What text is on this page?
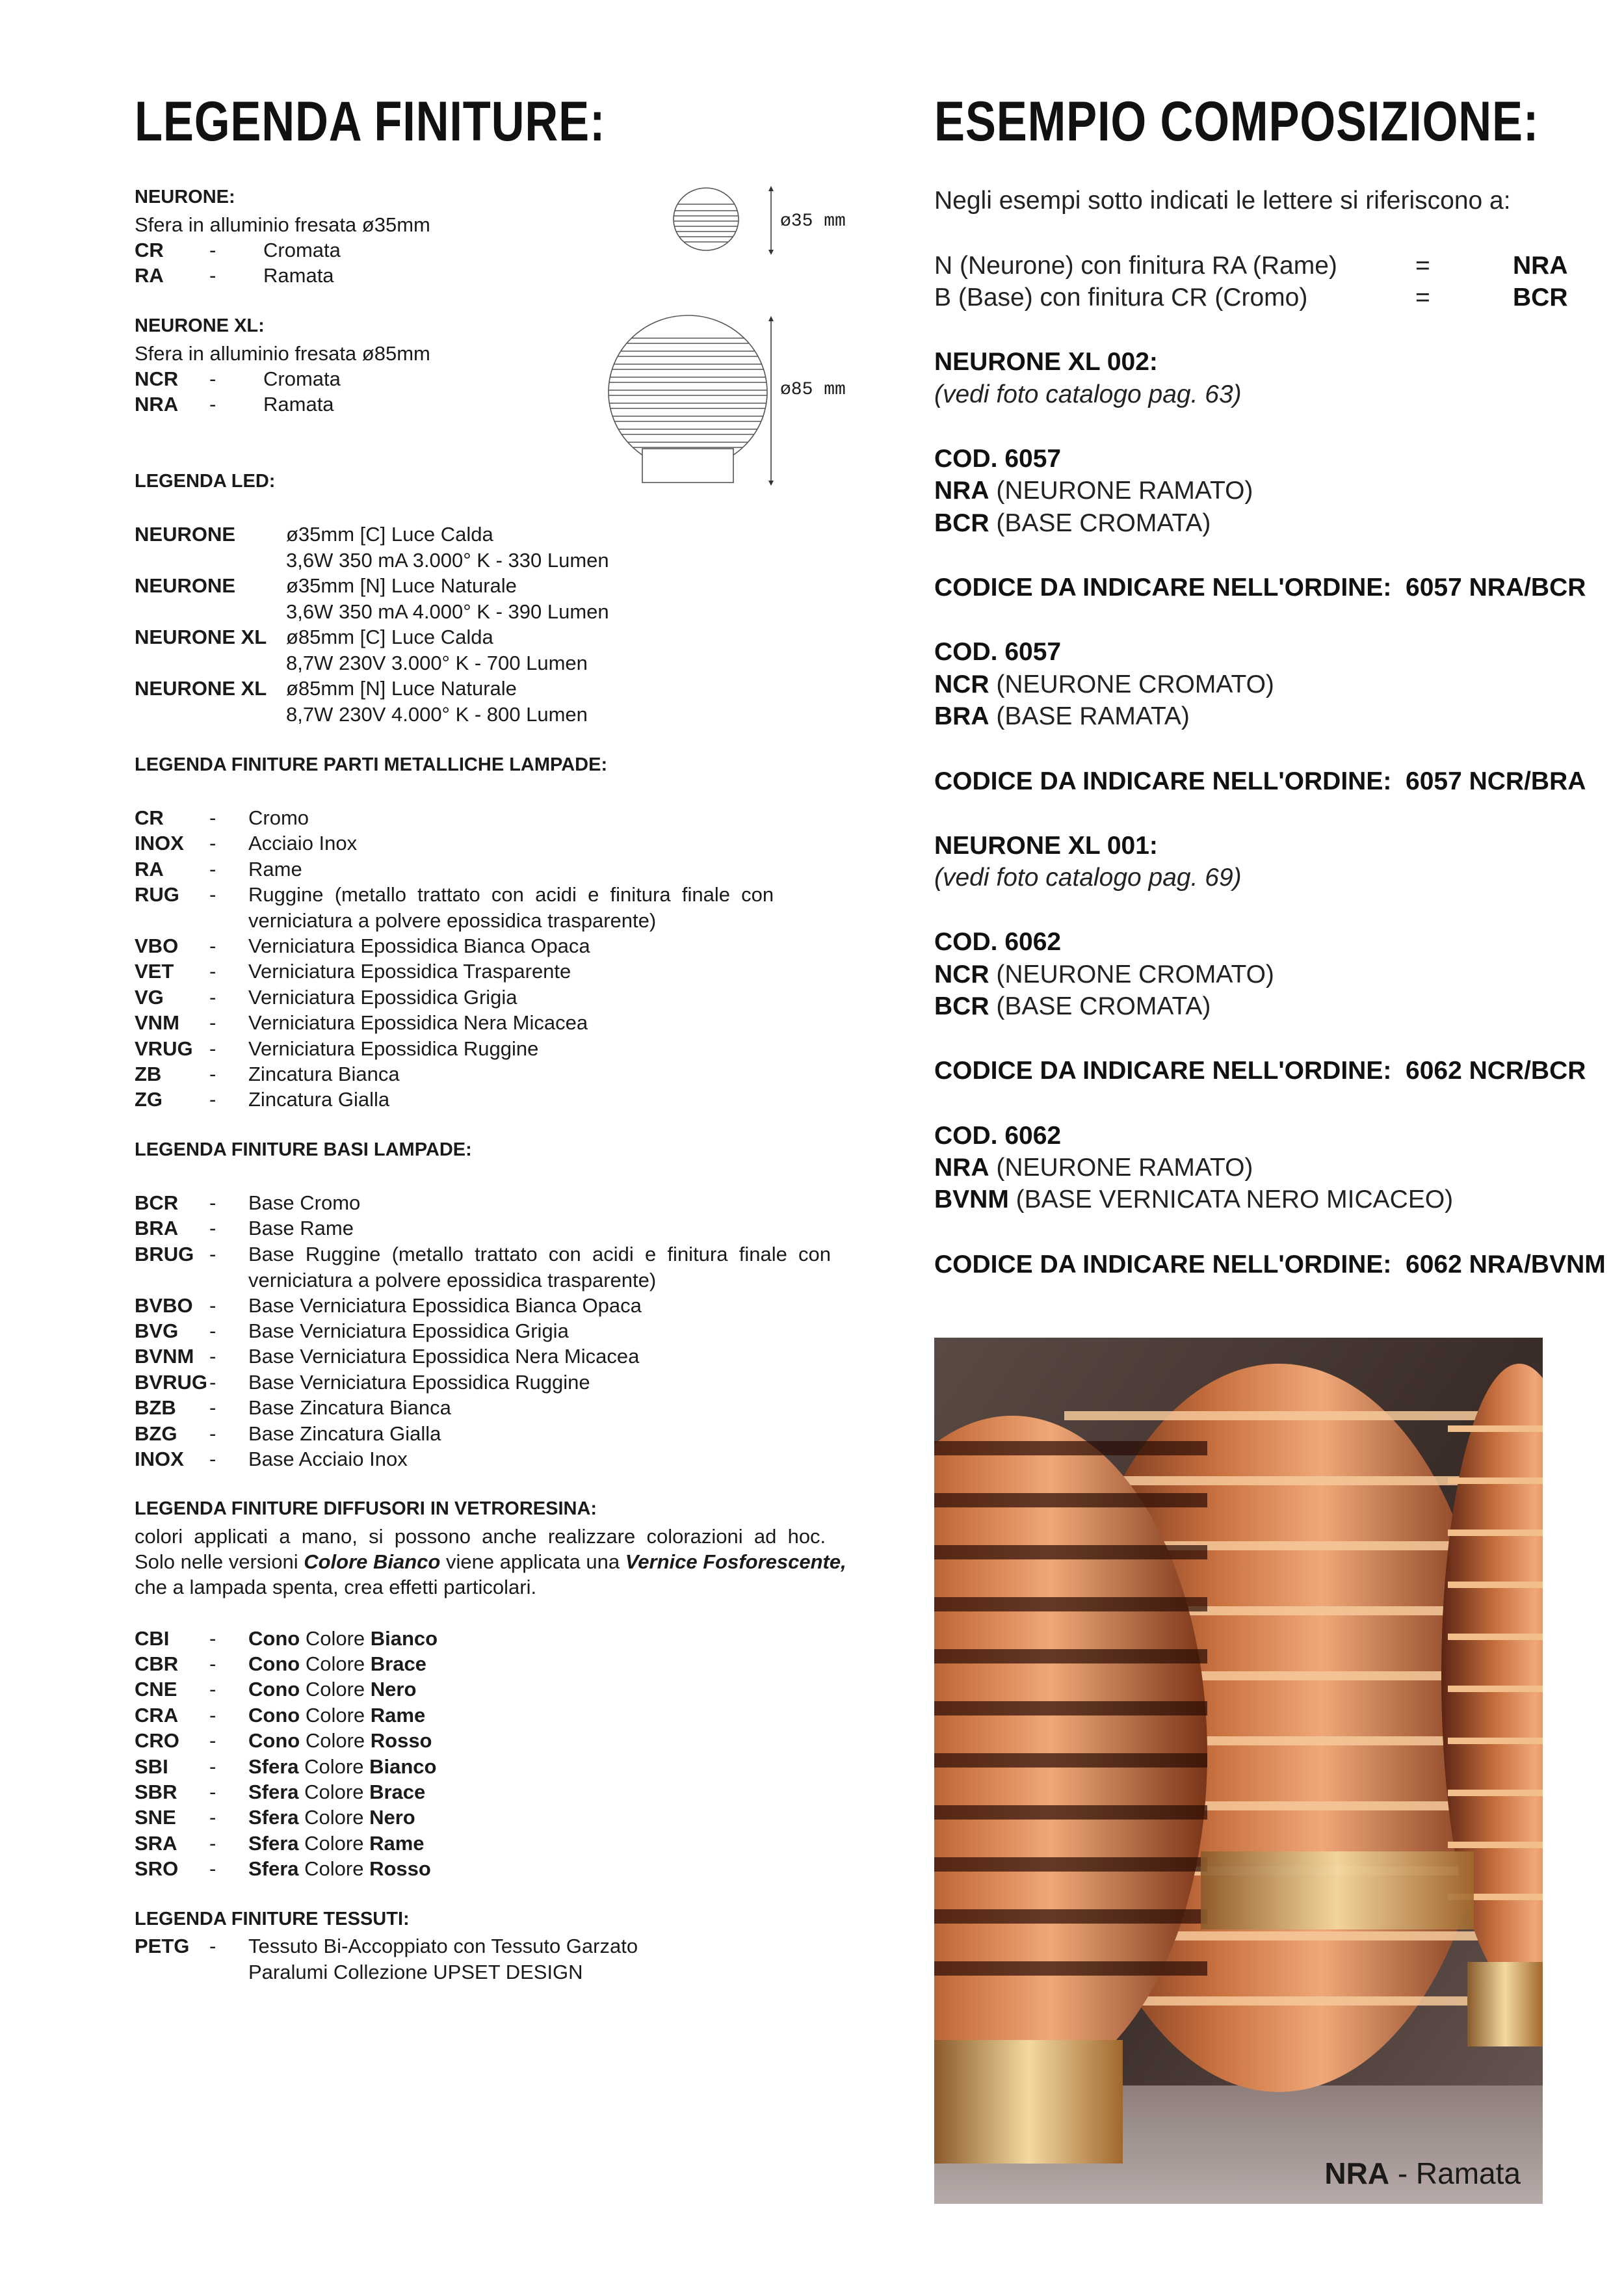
LEGENDA FINITURE:
NEURONE:
Sfera in alluminio fresata ø35mm
CR - Cromata
RA - Ramata
ø35 mm
NEURONE XL:
Sfera in alluminio fresata ø85mm
NCR - Cromata
NRA - Ramata
ø85 mm
LEGENDA LED:
NEURONE	ø35mm [C] Luce Calda
3,6W 350 mA 3.000° K - 330 Lumen
NEURONE	ø35mm [N] Luce Naturale
3,6W 350 mA 4.000° K - 390 Lumen
NEURONE XL ø85mm [C] Luce Calda
8,7W 230V 3.000° K - 700 Lumen
NEURONE XL ø85mm [N] Luce Naturale
8,7W 230V 4.000° K - 800 Lumen
LEGENDA FINITURE PARTI METALLICHE LAMPADE:
CR - Cromo
INOX - Acciaio Inox
RA - Rame
RUG - Ruggine  (metallo  trattato  con  acidi  e  finitura  finale  con
verniciatura a polvere epossidica trasparente)
VBO - Verniciatura Epossidica Bianca Opaca
VET - Verniciatura Epossidica Trasparente
VG - Verniciatura Epossidica Grigia
VNM - Verniciatura Epossidica Nera Micacea
VRUG - Verniciatura Epossidica Ruggine
ZB - Zincatura Bianca
ZG - Zincatura Gialla
LEGENDA FINITURE BASI LAMPADE:
BCR - Base Cromo
BRA - Base Rame
BRUG - Base  Ruggine  (metallo  trattato  con  acidi  e  finitura  finale  con
verniciatura a polvere epossidica trasparente)
BVBO - Base Verniciatura Epossidica Bianca Opaca
BVG - Base Verniciatura Epossidica Grigia
BVNM - Base Verniciatura Epossidica Nera Micacea
BVRUG - Base Verniciatura Epossidica Ruggine
BZB - Base Zincatura Bianca
BZG - Base Zincatura Gialla
INOX - Base Acciaio Inox
LEGENDA FINITURE DIFFUSORI IN VETRORESINA:
colori  applicati  a  mano,  si  possono  anche  realizzare  colorazioni  ad  hoc.
Solo nelle versioni Colore Bianco viene applicata una Vernice Fosforescente,
che a lampada spenta, crea effetti particolari.
CBI - Cono Colore Bianco
CBR - Cono Colore Brace
CNE - Cono Colore Nero
CRA - Cono Colore Rame
CRO - Cono Colore Rosso
SBI - Sfera Colore Bianco
SBR - Sfera Colore Brace
SNE - Sfera Colore Nero
SRA - Sfera Colore Rame
SRO - Sfera Colore Rosso
LEGENDA FINITURE TESSUTI:
PETG - Tessuto Bi-Accoppiato con Tessuto Garzato
Paralumi Collezione UPSET DESIGN
ESEMPIO COMPOSIZIONE:
Negli esempi sotto indicati le lettere si riferiscono a:
N (Neurone) con finitura RA (Rame)	=	NRA
B (Base) con finitura CR (Cromo)	=	BCR
NEURONE XL 002:
(vedi foto catalogo pag. 63)
COD. 6057
NRA (NEURONE RAMATO)
BCR (BASE CROMATA)
CODICE DA INDICARE NELL'ORDINE:  6057 NRA/BCR
COD. 6057
NCR (NEURONE CROMATO)
BRA (BASE RAMATA)
CODICE DA INDICARE NELL'ORDINE:  6057 NCR/BRA
NEURONE XL 001:
(vedi foto catalogo pag. 69)
COD. 6062
NCR (NEURONE CROMATO)
BCR (BASE CROMATA)
CODICE DA INDICARE NELL'ORDINE:  6062 NCR/BCR
COD. 6062
NRA (NEURONE RAMATO)
BVNM (BASE VERNICATA NERO MICACEO)
CODICE DA INDICARE NELL'ORDINE:  6062 NRA/BVNM
NRA - Ramata
